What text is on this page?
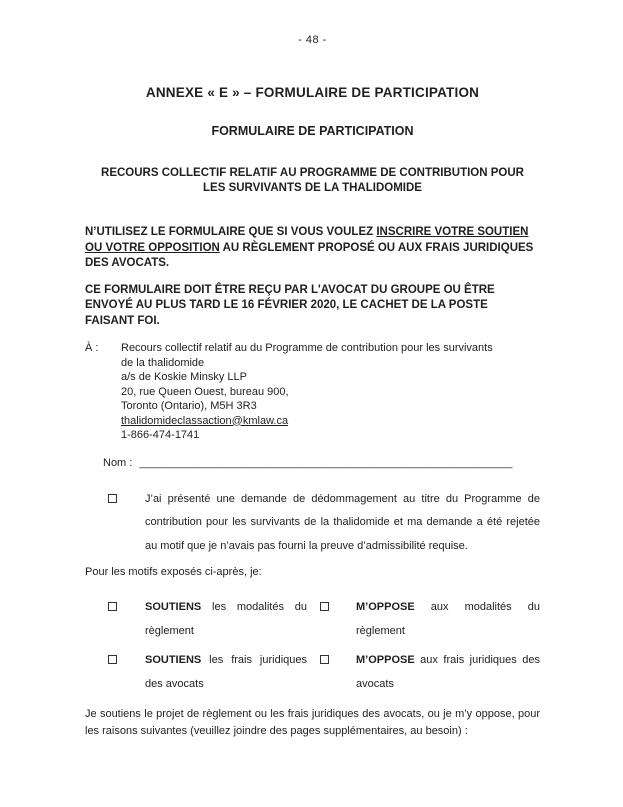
- 48 -
ANNEXE « E » – FORMULAIRE DE PARTICIPATION
FORMULAIRE DE PARTICIPATION
RECOURS COLLECTIF RELATIF AU PROGRAMME DE CONTRIBUTION POUR
LES SURVIVANTS DE LA THALIDOMIDE

N’UTILISEZ LE FORMULAIRE QUE SI VOUS VOULEZ INSCRIRE VOTRE SOUTIEN OU VOTRE OPPOSITION AU RÈGLEMENT PROPOSÉ OU AUX FRAIS JURIDIQUES DES AVOCATS.

CE FORMULAIRE DOIT ÊTRE REÇU PAR L'AVOCAT DU GROUPE OU ÊTRE ENVOYÉ AU PLUS TARD LE 16 FÉVRIER 2020, LE CACHET DE LA POSTE FAISANT FOI.

À :	Recours collectif relatif au du Programme de contribution pour les survivants
de la thalidomide
a/s de Koskie Minsky LLP
20, rue Queen Ouest, bureau 900,
Toronto (Ontario), M5H 3R3
thalidomideclassaction@kmlaw.ca
1-866-474-1741
Nom : _____________________________________________________________
J’ai présenté une demande de dédommagement au titre du Programme de contribution pour les survivants de la thalidomide et ma demande a été rejetée au motif que je n’avais pas fourni la preuve d’admissibilité requise.

Pour les motifs exposés ci-après, je:

SOUTIENS les modalités du règlement
M’OPPOSE aux modalités du règlement
SOUTIENS les frais juridiques des avocats
M’OPPOSE aux frais juridiques des avocats

Je soutiens le projet de règlement ou les frais juridiques des avocats, ou je m’y oppose, pour les raisons suivantes (veuillez joindre des pages supplémentaires, au besoin) :
